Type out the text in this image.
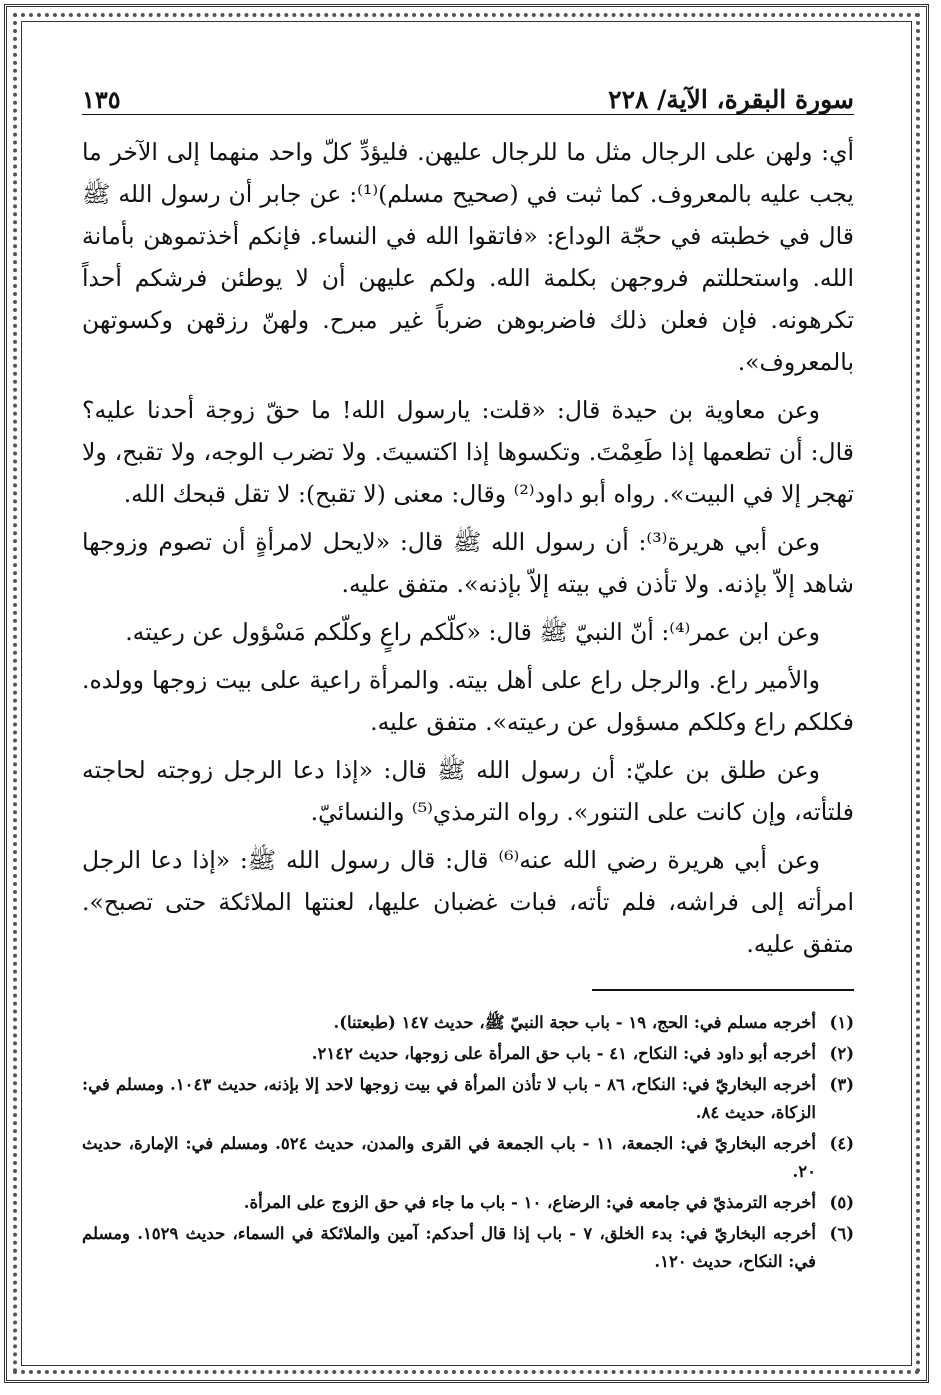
سورة البقرة، الآية/ ٢٢٨
١٣٥

أي: ولهن على الرجال مثل ما للرجال عليهن. فليؤدِّ كلّ واحد منهما إلى الآخر ما يجب عليه بالمعروف. كما ثبت في (صحيح مسلم)⁽¹⁾: عن جابر أن رسول الله ﷺ قال في خطبته في حجّة الوداع: «فاتقوا الله في النساء. فإنكم أخذتموهن بأمانة الله. واستحللتم فروجهن بكلمة الله. ولكم عليهن أن لا يوطئن فرشكم أحداً تكرهونه. فإن فعلن ذلك فاضربوهن ضرباً غير مبرح. ولهنّ رزقهن وكسوتهن بالمعروف».

وعن معاوية بن حيدة قال: «قلت: يارسول الله! ما حقّ زوجة أحدنا عليه؟ قال: أن تطعمها إذا طَعِمْتَ. وتكسوها إذا اكتسيتَ. ولا تضرب الوجه، ولا تقبح، ولا تهجر إلا في البيت». رواه أبو داود⁽²⁾ وقال: معنى (لا تقبح): لا تقل قبحك الله.

وعن أبي هريرة⁽³⁾: أن رسول الله ﷺ قال: «لايحل لامرأةٍ أن تصوم وزوجها شاهد إلاّ بإذنه. ولا تأذن في بيته إلاّ بإذنه». متفق عليه.

وعن ابن عمر⁽⁴⁾: أنّ النبيّ ﷺ قال: «كلّكم راعٍ وكلّكم مَسْؤول عن رعيته.

والأمير راع. والرجل راع على أهل بيته. والمرأة راعية على بيت زوجها وولده. فكلكم راع وكلكم مسؤول عن رعيته». متفق عليه.

وعن طلق بن عليّ: أن رسول الله ﷺ قال: «إذا دعا الرجل زوجته لحاجته فلتأته، وإن كانت على التنور». رواه الترمذي⁽⁵⁾ والنسائيّ.

وعن أبي هريرة رضي الله عنه⁽⁶⁾ قال: قال رسول الله ﷺ: «إذا دعا الرجل امرأته إلى فراشه، فلم تأته، فبات غضبان عليها، لعنتها الملائكة حتى تصبح». متفق عليه.

(١)
أخرجه مسلم في: الحج، ١٩ - باب حجة النبيّ ﷺ، حديث ١٤٧ (طبعتنا).

(٢)
أخرجه أبو داود في: النكاح، ٤١ - باب حق المرأة على زوجها، حديث ٢١٤٢.

(٣)
أخرجه البخاريّ في: النكاح، ٨٦ - باب لا تأذن المرأة في بيت زوجها لاحد إلا بإذنه، حديث ١٠٤٣. ومسلم في: الزكاة، حديث ٨٤.

(٤)
أخرجه البخاريّ في: الجمعة، ١١ - باب الجمعة في القرى والمدن، حديث ٥٢٤. ومسلم في: الإمارة، حديث ٢٠.

(٥)
أخرجه الترمذيّ في جامعه في: الرضاع، ١٠ - باب ما جاء في حق الزوج على المرأة.

(٦)
أخرجه البخاريّ في: بدء الخلق، ٧ - باب إذا قال أحدكم: آمين والملائكة في السماء، حديث ١٥٢٩. ومسلم في: النكاح، حديث ١٢٠.
